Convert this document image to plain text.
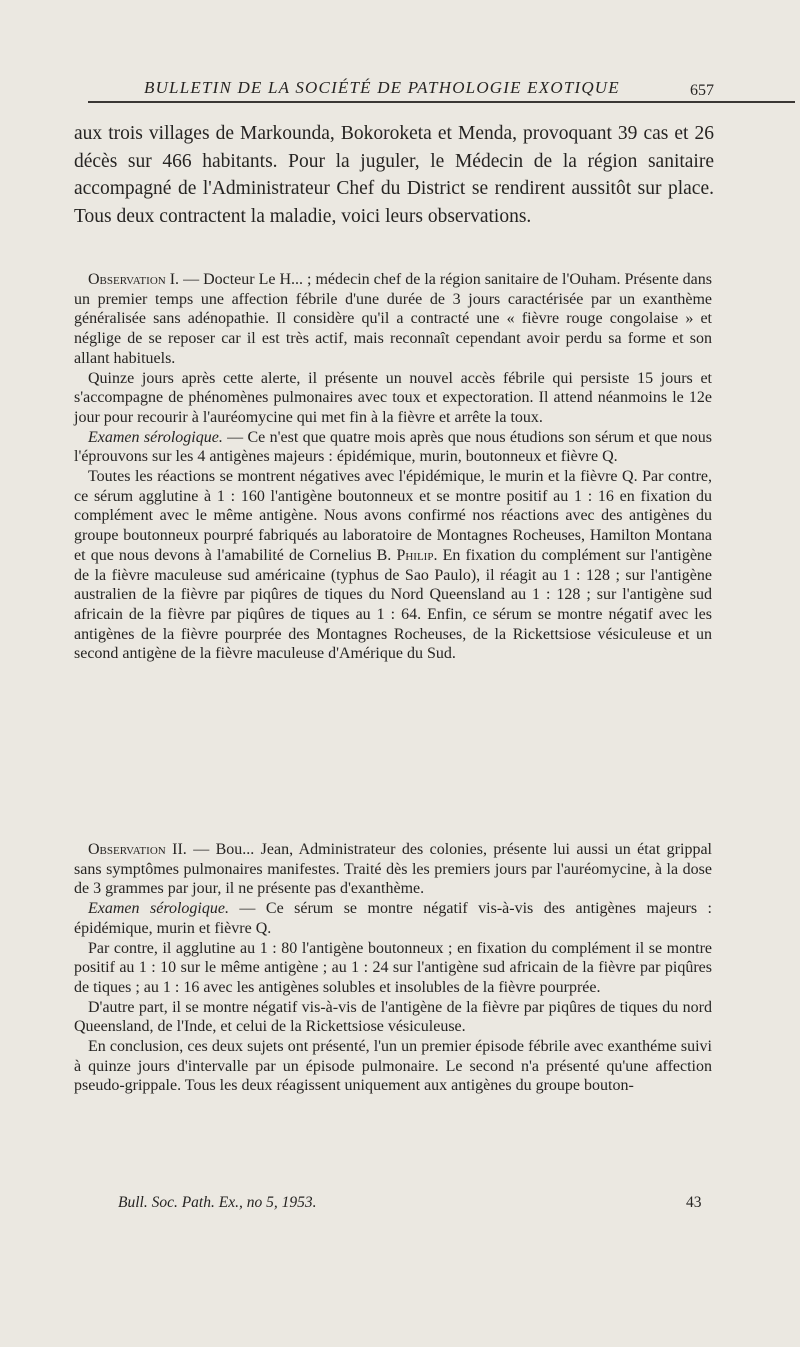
BULLETIN DE LA SOCIÉTÉ DE PATHOLOGIE EXOTIQUE	657

aux trois villages de Markounda, Bokoroketa et Menda, provoquant 39 cas et 26 décès sur 466 habitants. Pour la juguler, le Médecin de la région sanitaire accompagné de l'Administrateur Chef du District se rendirent aussitôt sur place. Tous deux contractent la maladie, voici leurs observations.

Observation I. — Docteur Le H... ; médecin chef de la région sanitaire de l'Ouham. Présente dans un premier temps une affection fébrile d'une durée de 3 jours caractérisée par un exanthème généralisée sans adénopathie. Il considère qu'il a contracté une « fièvre rouge congolaise » et néglige de se reposer car il est très actif, mais reconnaît cependant avoir perdu sa forme et son allant habituels.

Quinze jours après cette alerte, il présente un nouvel accès fébrile qui persiste 15 jours et s'accompagne de phénomènes pulmonaires avec toux et expectoration. Il attend néanmoins le 12e jour pour recourir à l'auréomycine qui met fin à la fièvre et arrête la toux.

Examen sérologique. — Ce n'est que quatre mois après que nous étudions son sérum et que nous l'éprouvons sur les 4 antigènes majeurs : épidémique, murin, boutonneux et fièvre Q.

Toutes les réactions se montrent négatives avec l'épidémique, le murin et la fièvre Q. Par contre, ce sérum agglutine à 1 : 160 l'antigène boutonneux et se montre positif au 1 : 16 en fixation du complément avec le même antigène. Nous avons confirmé nos réactions avec des antigènes du groupe boutonneux pourpré fabriqués au laboratoire de Montagnes Rocheuses, Hamilton Montana et que nous devons à l'amabilité de Cornelius B. Philip. En fixation du complément sur l'antigène de la fièvre maculeuse sud américaine (typhus de Sao Paulo), il réagit au 1 : 128 ; sur l'antigène australien de la fièvre par piqûres de tiques du Nord Queensland au 1 : 128 ; sur l'antigène sud africain de la fièvre par piqûres de tiques au 1 : 64. Enfin, ce sérum se montre négatif avec les antigènes de la fièvre pourprée des Montagnes Rocheuses, de la Rickettsiose vésiculeuse et un second antigène de la fièvre maculeuse d'Amérique du Sud.

Observation II. — Bou... Jean, Administrateur des colonies, présente lui aussi un état grippal sans symptômes pulmonaires manifestes. Traité dès les premiers jours par l'auréomycine, à la dose de 3 grammes par jour, il ne présente pas d'exanthème.

Examen sérologique. — Ce sérum se montre négatif vis-à-vis des antigènes majeurs : épidémique, murin et fièvre Q.

Par contre, il agglutine au 1 : 80 l'antigène boutonneux ; en fixation du complément il se montre positif au 1 : 10 sur le même antigène ; au 1 : 24 sur l'antigène sud africain de la fièvre par piqûres de tiques ; au 1 : 16 avec les antigènes solubles et insolubles de la fièvre pourprée.

D'autre part, il se montre négatif vis-à-vis de l'antigène de la fièvre par piqûres de tiques du nord Queensland, de l'Inde, et celui de la Rickettsiose vésiculeuse.

En conclusion, ces deux sujets ont présenté, l'un un premier épisode fébrile avec exanthéme suivi à quinze jours d'intervalle par un épisode pulmonaire. Le second n'a présenté qu'une affection pseudo-grippale. Tous les deux réagissent uniquement aux antigènes du groupe bouton-

Bull. Soc. Path. Ex., no 5, 1953.	43
